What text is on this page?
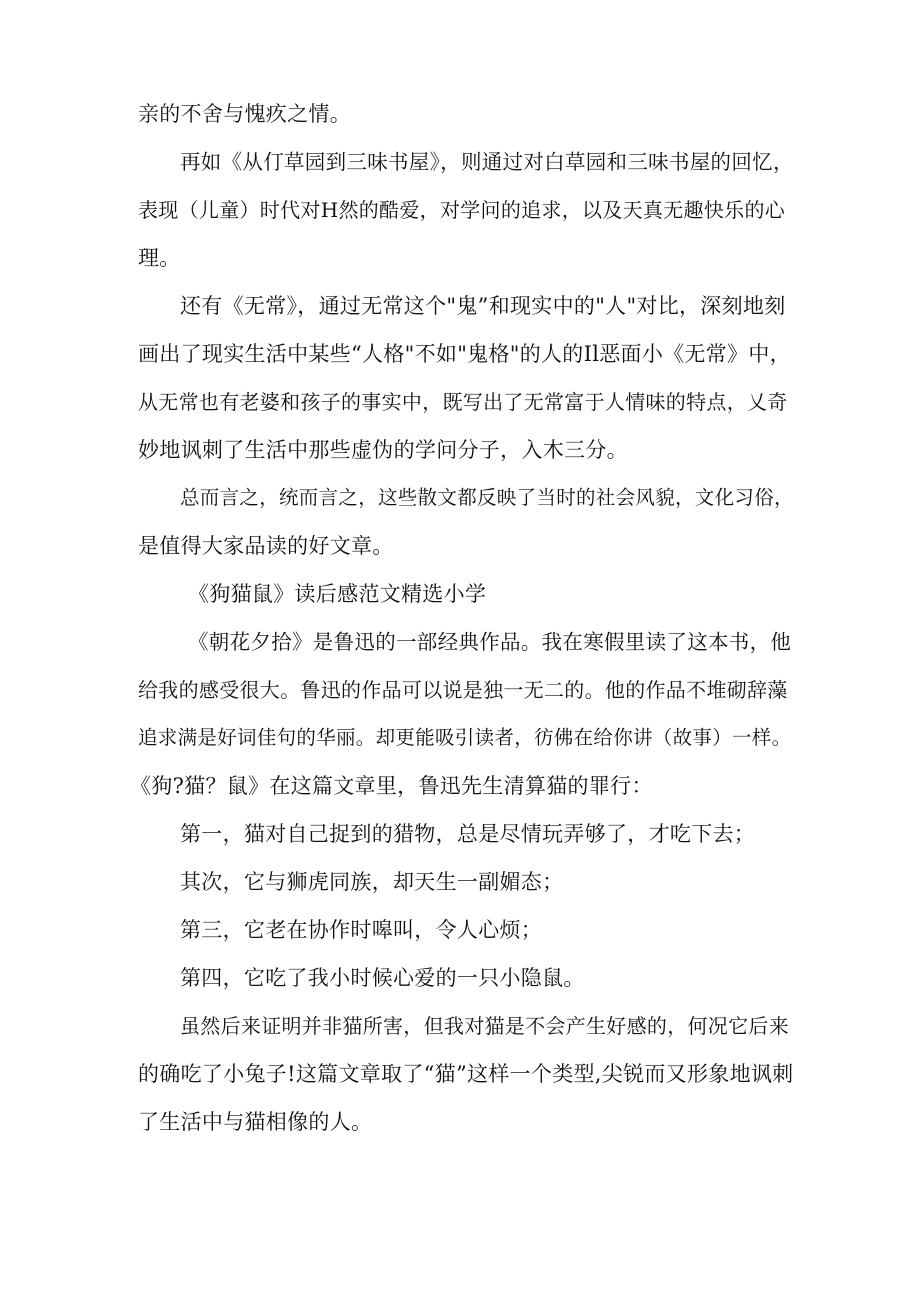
亲的不舍与愧疚之情。

再如《从仃草园到三味书屋》，则通过对白草园和三味书屋的回忆，

表现（儿童）时代对H然的酷爱，对学问的追求，以及天真无趣快乐的心

理。

还有《无常》，通过无常这个"鬼”和现实中的"人"对比，深刻地刻

画出了现实生活中某些“人格"不如"鬼格"的人的Il恶面小《无常》中，

从无常也有老婆和孩子的事实中，既写出了无常富于人情味的特点，乂奇

妙地讽刺了生活中那些虚伪的学问分子，入木三分。

总而言之，统而言之，这些散文都反映了当时的社会风貌，文化习俗，

是值得大家品读的好文章。

《狗猫鼠》读后感范文精选小学

《朝花夕拾》是鲁迅的一部经典作品。我在寒假里读了这本书，他

给我的感受很大。鲁迅的作品可以说是独一无二的。他的作品不堆砌辞藻

追求满是好词佳句的华丽。却更能吸引读者，彷佛在给你讲（故事）一样。

《狗?猫？鼠》在这篇文章里，鲁迅先生清算猫的罪行：

第一，猫对自己捉到的猎物，总是尽情玩弄够了，才吃下去；

其次，它与狮虎同族，却天生一副媚态；

第三，它老在协作时嗥叫，令人心烦；

第四，它吃了我小时候心爱的一只小隐鼠。

虽然后来证明并非猫所害，但我对猫是不会产生好感的，何况它后来

的确吃了小兔子!这篇文章取了“猫”这样一个类型,尖锐而又形象地讽刺

了生活中与猫相像的人。
